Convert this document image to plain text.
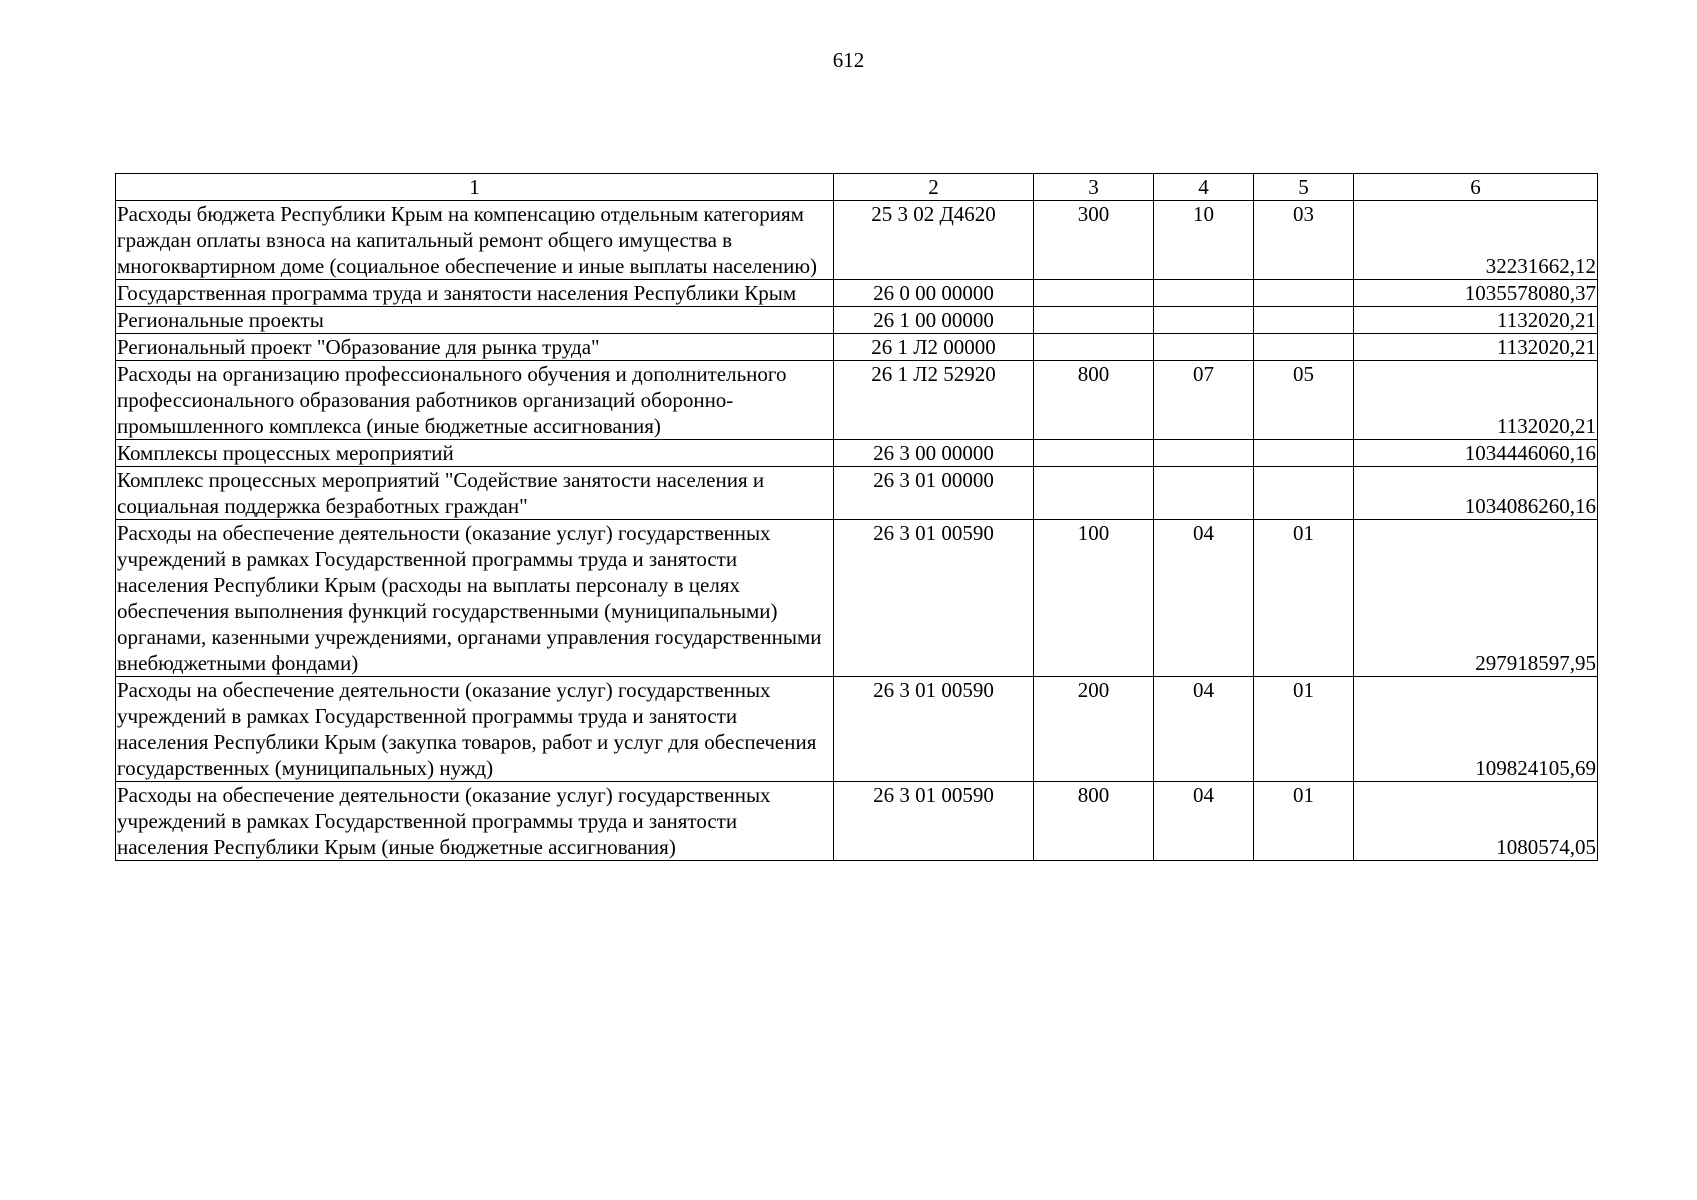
612
1	2	3	4	5	6
Расходы бюджета Республики Крым на компенсацию отдельным категориям граждан оплаты взноса на капитальный ремонт общего имущества в многоквартирном доме (социальное обеспечение и иные выплаты населению)	25 3 02 Д4620	300	10	03	32231662,12
Государственная программа труда и занятости населения Республики Крым	26 0 00 00000				1035578080,37
Региональные проекты	26 1 00 00000				1132020,21
Региональный проект "Образование для рынка труда"	26 1 Л2 00000				1132020,21
Расходы на организацию профессионального обучения и дополнительного профессионального образования работников организаций оборонно-промышленного комплекса (иные бюджетные ассигнования)	26 1 Л2 52920	800	07	05	1132020,21
Комплексы процессных мероприятий	26 3 00 00000				1034446060,16
Комплекс процессных мероприятий "Содействие занятости населения и социальная поддержка безработных граждан"	26 3 01 00000				1034086260,16
Расходы на обеспечение деятельности (оказание услуг) государственных учреждений в рамках Государственной программы труда и занятости населения Республики Крым (расходы на выплаты персоналу в целях обеспечения выполнения функций государственными (муниципальными) органами, казенными учреждениями, органами управления государственными внебюджетными фондами)	26 3 01 00590	100	04	01	297918597,95
Расходы на обеспечение деятельности (оказание услуг) государственных учреждений в рамках Государственной программы труда и занятости населения Республики Крым (закупка товаров, работ и услуг для обеспечения государственных (муниципальных) нужд)	26 3 01 00590	200	04	01	109824105,69
Расходы на обеспечение деятельности (оказание услуг) государственных учреждений в рамках Государственной программы труда и занятости населения Республики Крым (иные бюджетные ассигнования)	26 3 01 00590	800	04	01	1080574,05
